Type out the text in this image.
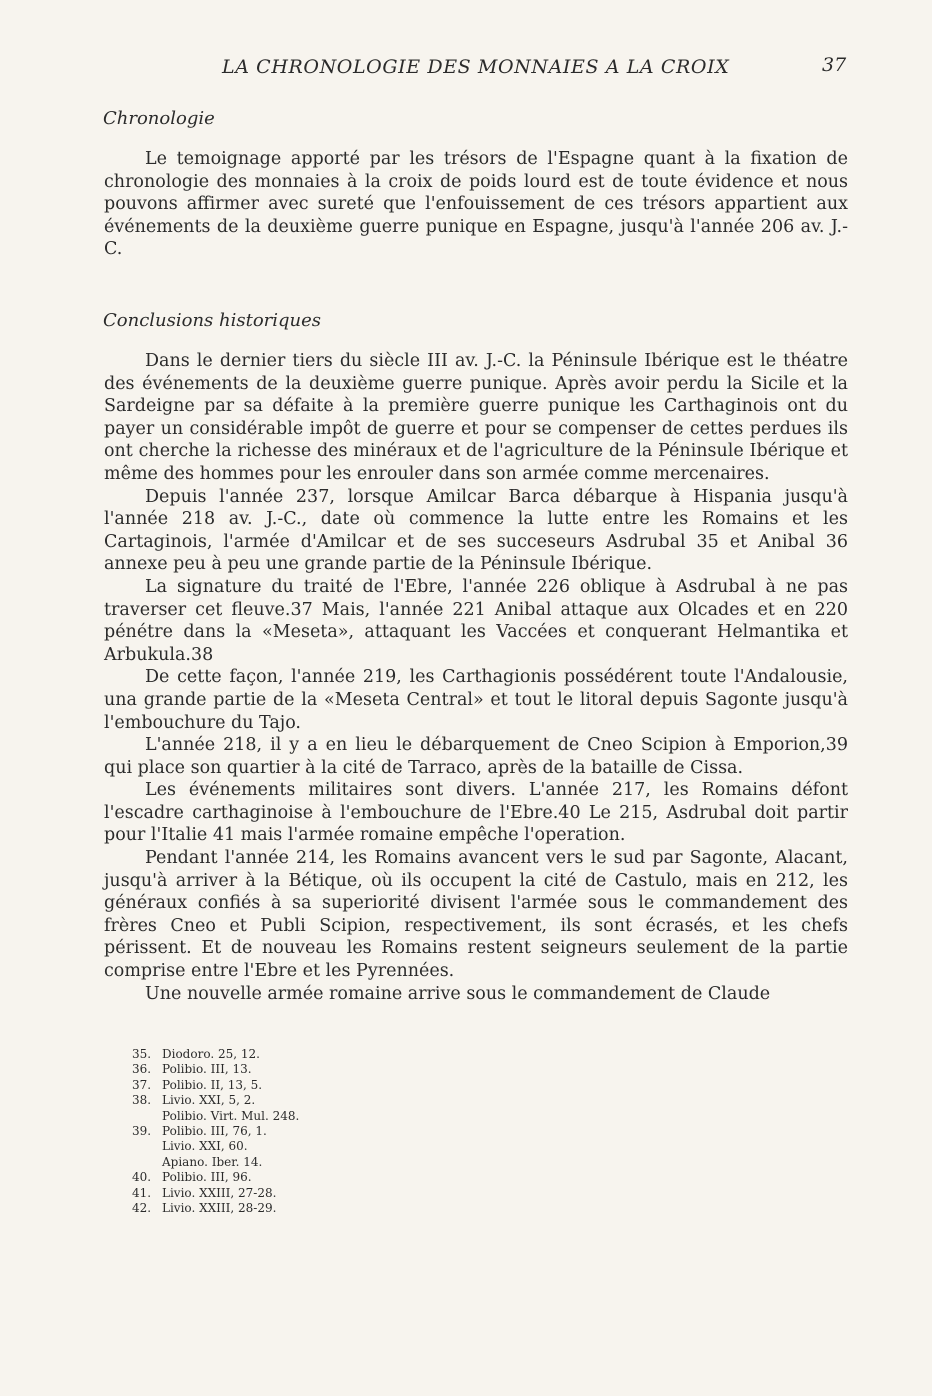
LA CHRONOLOGIE DES MONNAIES A LA CROIX	37
Chronologie

Le temoignage apporté par les trésors de l'Espagne quant à la fixation de chronologie des monnaies à la croix de poids lourd est de toute évidence et nous pouvons affirmer avec sureté que l'enfouissement de ces trésors appartient aux événements de la deuxième guerre punique en Espagne, jusqu'à l'année 206 av. J.-C.

Conclusions historiques

Dans le dernier tiers du siècle III av. J.-C. la Péninsule Ibérique est le théatre des événements de la deuxième guerre punique. Après avoir perdu la Sicile et la Sardeigne par sa défaite à la première guerre punique les Carthaginois ont du payer un considérable impôt de guerre et pour se compenser de cettes perdues ils ont cherche la richesse des minéraux et de l'agriculture de la Péninsule Ibérique et même des hommes pour les enrouler dans son armée comme mercenaires.

Depuis l'année 237, lorsque Amilcar Barca débarque à Hispania jusqu'à l'année 218 av. J.-C., date où commence la lutte entre les Romains et les Cartaginois, l'armée d'Amilcar et de ses succeseurs Asdrubal 35 et Anibal 36 annexe peu à peu une grande partie de la Péninsule Ibérique.

La signature du traité de l'Ebre, l'année 226 oblique à Asdrubal à ne pas traverser cet fleuve.37 Mais, l'année 221 Anibal attaque aux Olcades et en 220 pénétre dans la «Meseta», attaquant les Vaccées et conquerant Helmantika et Arbukula.38

De cette façon, l'année 219, les Carthagionis possédérent toute l'Andalousie, una grande partie de la «Meseta Central» et tout le litoral depuis Sagonte jusqu'à l'embouchure du Tajo.

L'année 218, il y a en lieu le débarquement de Cneo Scipion à Emporion,39 qui place son quartier à la cité de Tarraco, après de la bataille de Cissa.

Les événements militaires sont divers. L'année 217, les Romains défont l'escadre carthaginoise à l'embouchure de l'Ebre.40 Le 215, Asdrubal doit partir pour l'Italie 41 mais l'armée romaine empêche l'operation.

Pendant l'année 214, les Romains avancent vers le sud par Sagonte, Alacant, jusqu'à arriver à la Bétique, où ils occupent la cité de Castulo, mais en 212, les généraux confiés à sa superiorité divisent l'armée sous le commandement des frères Cneo et Publi Scipion, respectivement, ils sont écrasés, et les chefs périssent. Et de nouveau les Romains restent seigneurs seulement de la partie comprise entre l'Ebre et les Pyrennées.

Une nouvelle armée romaine arrive sous le commandement de Claude

35. Diodoro. 25, 12.
36. Polibio. III, 13.
37. Polibio. II, 13, 5.
38. Livio. XXI, 5, 2.
Polibio. Virt. Mul. 248.
39. Polibio. III, 76, 1.
Livio. XXI, 60.
Apiano. Iber. 14.
40. Polibio. III, 96.
41. Livio. XXIII, 27-28.
42. Livio. XXIII, 28-29.
